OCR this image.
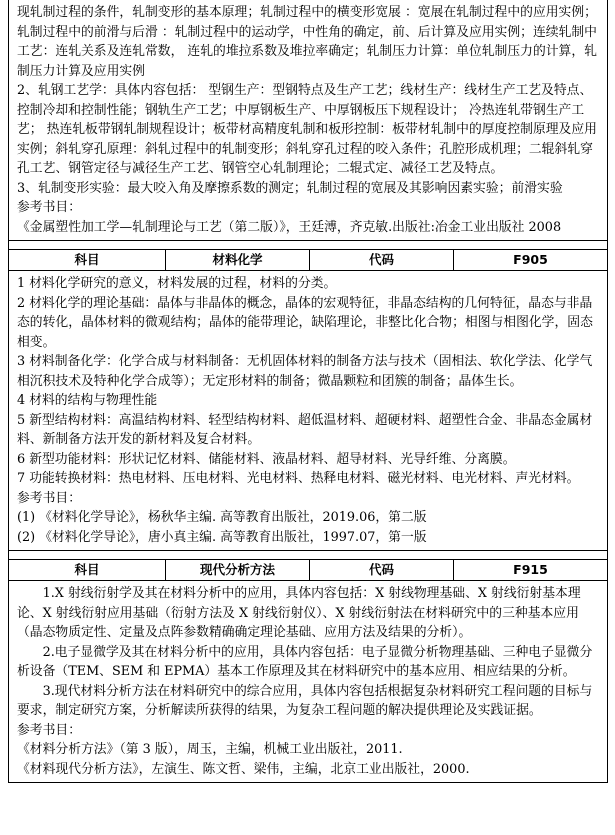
现轧制过程的条件，轧制变形的基本原理；轧制过程中的横变形宽展 ：宽展在轧制过程中的应用实例；轧制过程中的前滑与后滑 ：轧制过程中的运动学，中性角的确定，前、后计算及应用实例；连续轧制中工艺：连轧关系及连轧常数， 连轧的堆拉系数及堆拉率确定；轧制压力计算：单位轧制压力的计算，轧制压力计算及应用实例

2、轧钢工艺学：具体内容包括： 型钢生产：型钢特点及生产工艺；线材生产：线材生产工艺及特点、 控制冷却和控制性能；钢轨生产工艺；中厚钢板生产、中厚钢板压下规程设计； 冷热连轧带钢生产工艺； 热连轧板带钢轧制规程设计；板带材高精度轧制和板形控制：板带材轧制中的厚度控制原理及应用实例；斜轧穿孔原理：斜轧过程中的轧制变形；斜轧穿孔过程的咬入条件；孔腔形成机理；二辊斜轧穿孔工艺、钢管定径与减径生产工艺、钢管空心轧制理论；二辊式定、减径工艺及特点。

3、轧制变形实验：最大咬入角及摩擦系数的测定；轧制过程的宽展及其影响因素实验；前滑实验

参考书目：

《金属塑性加工学—轧制理论与工艺（第二版）》，王廷溥，齐克敏.出版社:冶金工业出版社 2008

科目	材料化学	代码	F905

1 材料化学研究的意义，材料发展的过程，材料的分类。

2 材料化学的理论基础：晶体与非晶体的概念，晶体的宏观特征，非晶态结构的几何特征，晶态与非晶态的转化，晶体材料的微观结构；晶体的能带理论，缺陷理论，非整比化合物；相图与相图化学，固态相变。

3 材料制备化学：化学合成与材料制备：无机固体材料的制备方法与技术（固相法、软化学法、化学气相沉积技术及特种化学合成等）；无定形材料的制备；微晶颗粒和团簇的制备；晶体生长。

4 材料的结构与物理性能

5 新型结构材料：高温结构材料、轻型结构材料、超低温材料、超硬材料、超塑性合金、非晶态金属材料、新制备方法开发的新材料及复合材料。

6 新型功能材料：形状记忆材料、储能材料、液晶材料、超导材料、光导纤维、分离膜。

7 功能转换材料：热电材料、压电材料、光电材料、热释电材料、磁光材料、电光材料、声光材料。

参考书目：

(1) 《材料化学导论》，杨秋华主编. 高等教育出版社，2019.06，第二版

(2) 《材料化学导论》，唐小真主编. 高等教育出版社，1997.07，第一版

科目	现代分析方法	代码	F915

1.X 射线衍射学及其在材料分析中的应用，具体内容包括：X 射线物理基础、X 射线衍射基本理论、X 射线衍射应用基础（衍射方法及 X 射线衍射仪）、X 射线衍射法在材料研究中的三种基本应用（晶态物质定性、定量及点阵参数精确确定理论基础、应用方法及结果的分析）。

2.电子显微学及其在材料分析中的应用，具体内容包括：电子显微分析物理基础、三种电子显微分析设备（TEM、SEM 和 EPMA）基本工作原理及其在材料研究中的基本应用、相应结果的分析。

3.现代材料分析方法在材料研究中的综合应用，具体内容包括根据复杂材料研究工程问题的目标与要求，制定研究方案，分析解读所获得的结果，为复杂工程问题的解决提供理论及实践证据。

参考书目：

《材料分析方法》（第 3 版），周玉，主编，机械工业出版社，2011.

《材料现代分析方法》，左演生、陈文哲、梁伟，主编，北京工业出版社，2000.
